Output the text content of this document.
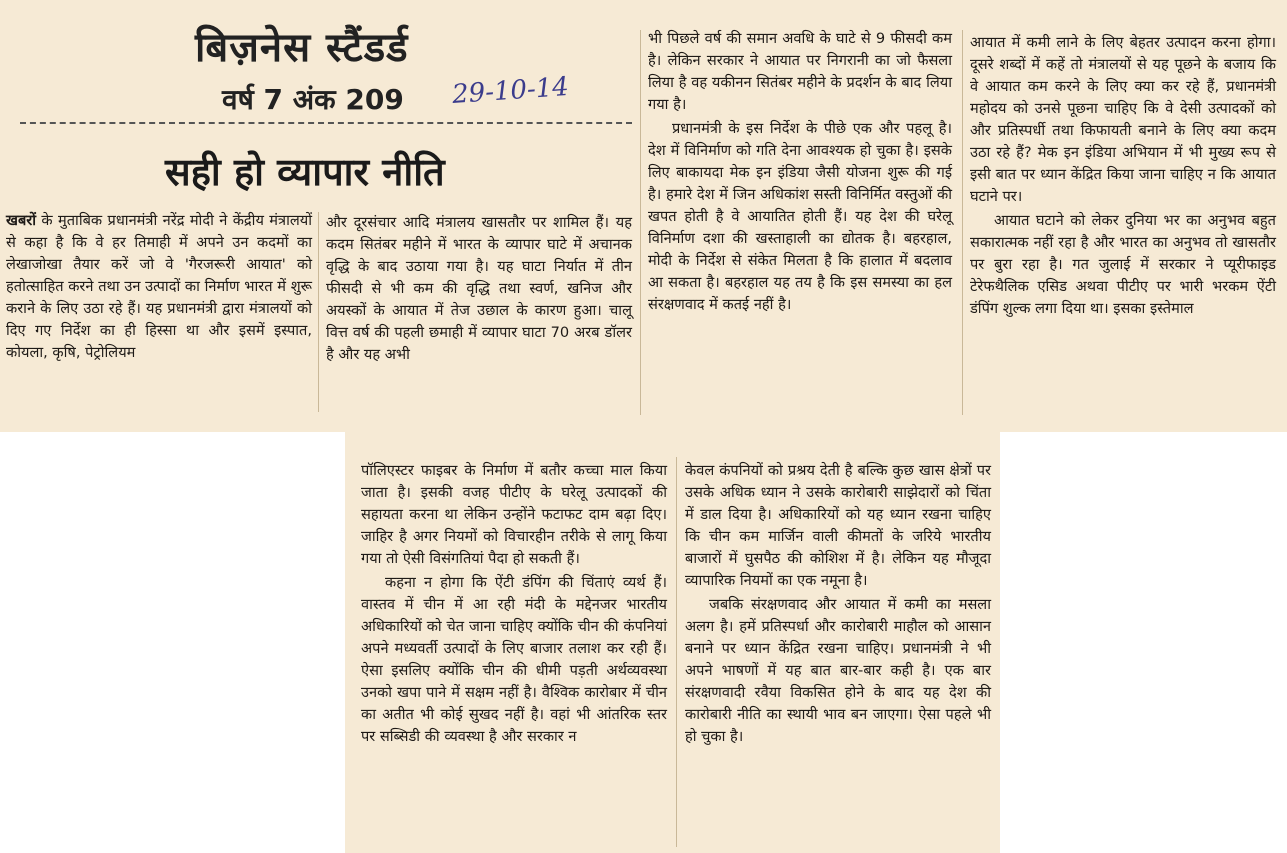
बिज़नेस स्टैंडर्ड
वर्ष 7 अंक 209 29-10-14
सही हो व्यापार नीति

खबरों के मुताबिक प्रधानमंत्री नरेंद्र मोदी ने केंद्रीय मंत्रालयों से कहा है कि वे हर तिमाही में अपने उन कदमों का लेखाजोखा तैयार करें जो वे 'गैरजरूरी आयात' को हतोत्साहित करने तथा उन उत्पादों का निर्माण भारत में शुरू कराने के लिए उठा रहे हैं। यह प्रधानमंत्री द्वारा मंत्रालयों को दिए गए निर्देश का ही हिस्सा था और इसमें इस्पात, कोयला, कृषि, पेट्रोलियम

और दूरसंचार आदि मंत्रालय खासतौर पर शामिल हैं। यह कदम सितंबर महीने में भारत के व्यापार घाटे में अचानक वृद्धि के बाद उठाया गया है। यह घाटा निर्यात में तीन फीसदी से भी कम की वृद्धि तथा स्वर्ण, खनिज और अयस्कों के आयात में तेज उछाल के कारण हुआ। चालू वित्त वर्ष की पहली छमाही में व्यापार घाटा 70 अरब डॉलर है और यह अभी

भी पिछले वर्ष की समान अवधि के घाटे से 9 फीसदी कम है। लेकिन सरकार ने आयात पर निगरानी का जो फैसला लिया है वह यकीनन सितंबर महीने के प्रदर्शन के बाद लिया गया है।

प्रधानमंत्री के इस निर्देश के पीछे एक और पहलू है। देश में विनिर्माण को गति देना आवश्यक हो चुका है। इसके लिए बाकायदा मेक इन इंडिया जैसी योजना शुरू की गई है। हमारे देश में जिन अधिकांश सस्ती विनिर्मित वस्तुओं की खपत होती है वे आयातित होती हैं। यह देश की घरेलू विनिर्माण दशा की खस्ताहाली का द्योतक है। बहरहाल, मोदी के निर्देश से संकेत मिलता है कि हालात में बदलाव आ सकता है। बहरहाल यह तय है कि इस समस्या का हल संरक्षणवाद में कतई नहीं है।

आयात में कमी लाने के लिए बेहतर उत्पादन करना होगा। दूसरे शब्दों में कहें तो मंत्रालयों से यह पूछने के बजाय कि वे आयात कम करने के लिए क्या कर रहे हैं, प्रधानमंत्री महोदय को उनसे पूछना चाहिए कि वे देसी उत्पादकों को और प्रतिस्पर्धी तथा किफायती बनाने के लिए क्या कदम उठा रहे हैं? मेक इन इंडिया अभियान में भी मुख्य रूप से इसी बात पर ध्यान केंद्रित किया जाना चाहिए न कि आयात घटाने पर।

आयात घटाने को लेकर दुनिया भर का अनुभव बहुत सकारात्मक नहीं रहा है और भारत का अनुभव तो खासतौर पर बुरा रहा है। गत जुलाई में सरकार ने प्यूरीफाइड टेरेफथैलिक एसिड अथवा पीटीए पर भारी भरकम ऐंटी डंपिंग शुल्क लगा दिया था। इसका इस्तेमाल

पॉलिएस्टर फाइबर के निर्माण में बतौर कच्चा माल किया जाता है। इसकी वजह पीटीए के घरेलू उत्पादकों की सहायता करना था लेकिन उन्होंने फटाफट दाम बढ़ा दिए। जाहिर है अगर नियमों को विचारहीन तरीके से लागू किया गया तो ऐसी विसंगतियां पैदा हो सकती हैं।

कहना न होगा कि ऐंटी डंपिंग की चिंताएं व्यर्थ हैं। वास्तव में चीन में आ रही मंदी के मद्देनजर भारतीय अधिकारियों को चेत जाना चाहिए क्योंकि चीन की कंपनियां अपने मध्यवर्ती उत्पादों के लिए बाजार तलाश कर रही हैं। ऐसा इसलिए क्योंकि चीन की धीमी पड़ती अर्थव्यवस्था उनको खपा पाने में सक्षम नहीं है। वैश्विक कारोबार में चीन का अतीत भी कोई सुखद नहीं है। वहां भी आंतरिक स्तर पर सब्सिडी की व्यवस्था है और सरकार न

केवल कंपनियों को प्रश्रय देती है बल्कि कुछ खास क्षेत्रों पर उसके अधिक ध्यान ने उसके कारोबारी साझेदारों को चिंता में डाल दिया है। अधिकारियों को यह ध्यान रखना चाहिए कि चीन कम मार्जिन वाली कीमतों के जरिये भारतीय बाजारों में घुसपैठ की कोशिश में है। लेकिन यह मौजूदा व्यापारिक नियमों का एक नमूना है।

जबकि संरक्षणवाद और आयात में कमी का मसला अलग है। हमें प्रतिस्पर्धा और कारोबारी माहौल को आसान बनाने पर ध्यान केंद्रित रखना चाहिए। प्रधानमंत्री ने भी अपने भाषणों में यह बात बार-बार कही है। एक बार संरक्षणवादी रवैया विकसित होने के बाद यह देश की कारोबारी नीति का स्थायी भाव बन जाएगा। ऐसा पहले भी हो चुका है।
